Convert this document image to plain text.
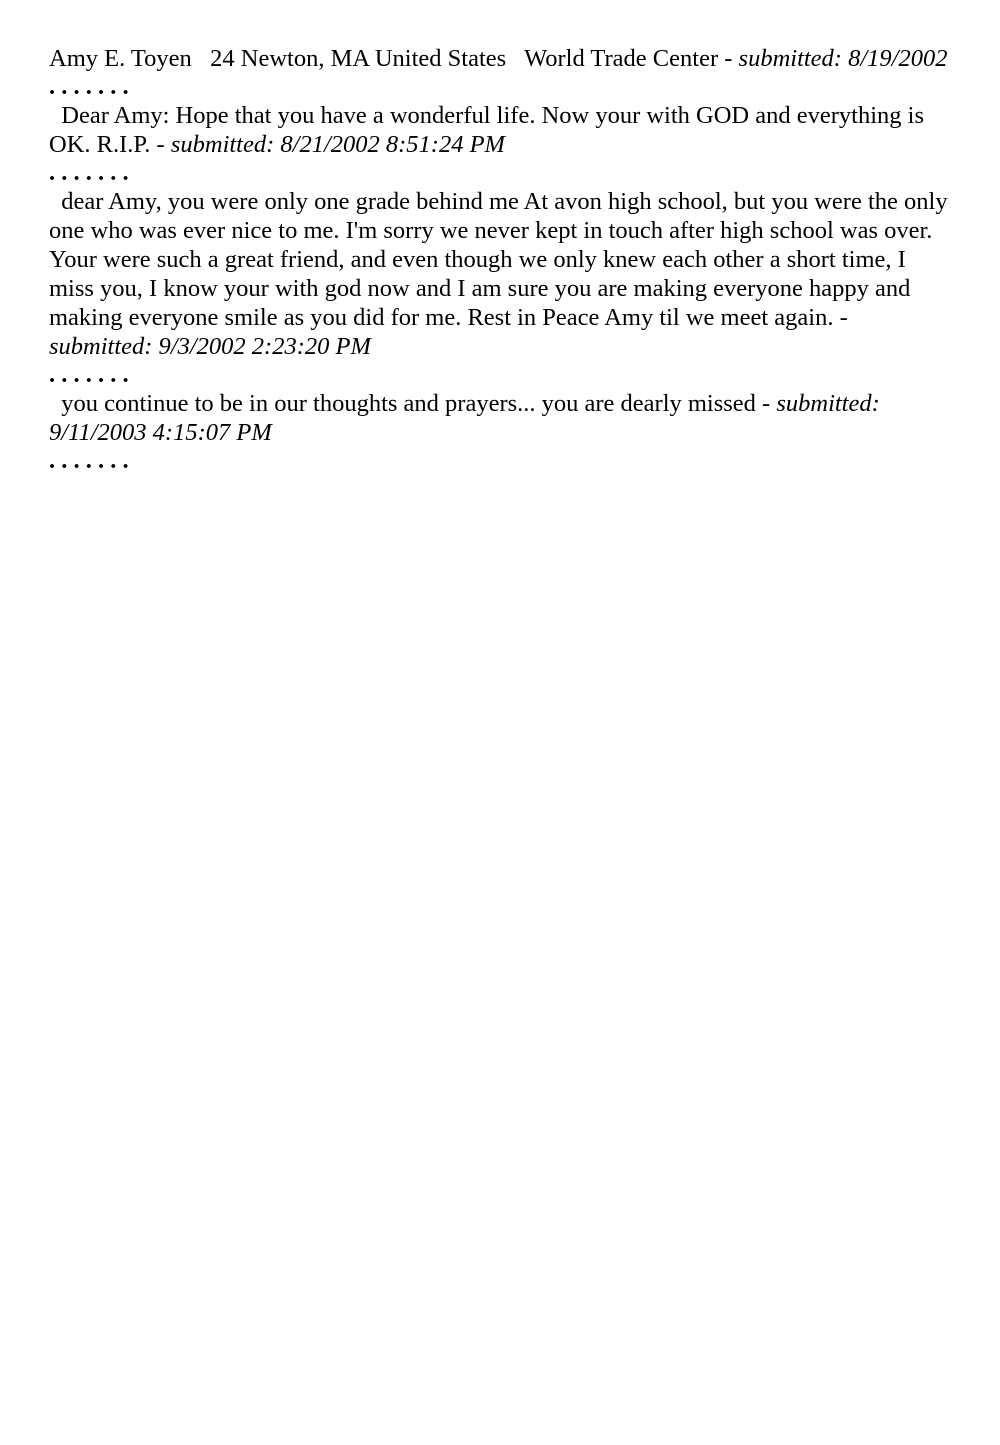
Amy E. Toyen   24 Newton, MA United States   World Trade Center - submitted: 8/19/2002

. . . . . . .

Dear Amy: Hope that you have a wonderful life. Now your with GOD and everything is OK. R.I.P. - submitted: 8/21/2002 8:51:24 PM

. . . . . . .

dear Amy, you were only one grade behind me At avon high school, but you were the only one who was ever nice to me. I'm sorry we never kept in touch after high school was over. Your were such a great friend, and even though we only knew each other a short time, I miss you, I know your with god now and I am sure you are making everyone happy and making everyone smile as you did for me. Rest in Peace Amy til we meet again. - submitted: 9/3/2002 2:23:20 PM

. . . . . . .

you continue to be in our thoughts and prayers... you are dearly missed - submitted: 9/11/2003 4:15:07 PM

. . . . . . .
